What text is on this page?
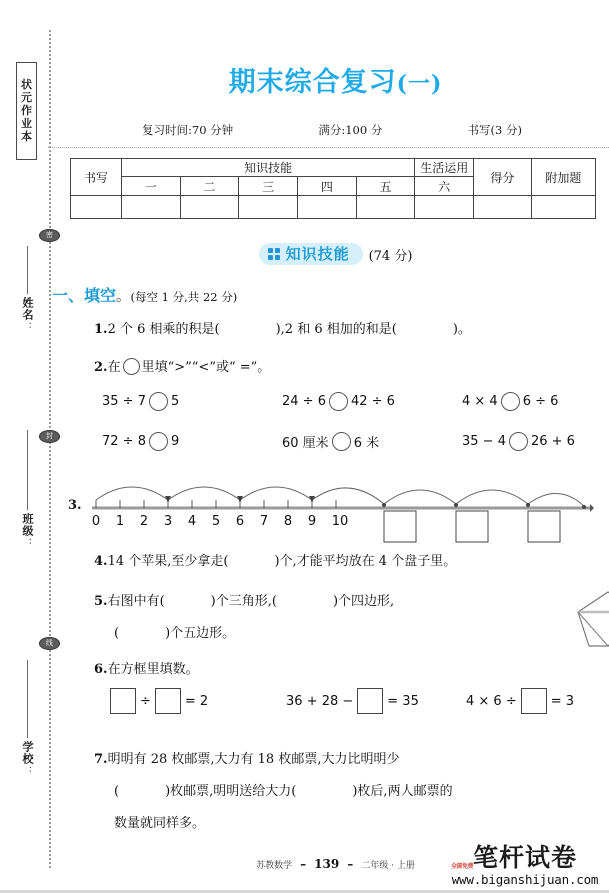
状
元
作
业
本
姓名
：
班级
：
学校
：
密
封
线
期末综合复习(一)
复习时间:70 分钟	满分:100 分	书写(3 分)
书写	知识技能					生活运用	得分	附加题
	一	二	三	四	五	六		

知识技能 (74 分)
一、填空。(每空 1 分,共 22 分)
1.2 个 6 相乘的积是(	),2 和 6 相加的和是(	)。
2.在 里填“>”“<”或“ =”。
35 ÷ 7 5	24 ÷ 6 42 ÷ 6	4 × 4 6 ÷ 6
72 ÷ 8 9	60 厘米 6 米	35 − 4 26 + 6
3.
0 1 2 3 4 5 6 7 8 9 10
4.14 个苹果,至少拿走(	)个,才能平均放在 4 个盘子里。
5.右图中有(	)个三角形,(	)个四边形,
(	)个五边形。
6.在方框里填数。
÷	= 2	36 + 28 −	= 35	4 × 6 ÷	= 3
7.明明有 28 枚邮票,大力有 18 枚邮票,大力比明明少
(	)枚邮票,明明送给大力(	)枚后,两人邮票的
数量就同样多。
苏教数学 – 139 – 二年级 · 上册	笔杆试卷
www.biganshijuan.com
全部免费
